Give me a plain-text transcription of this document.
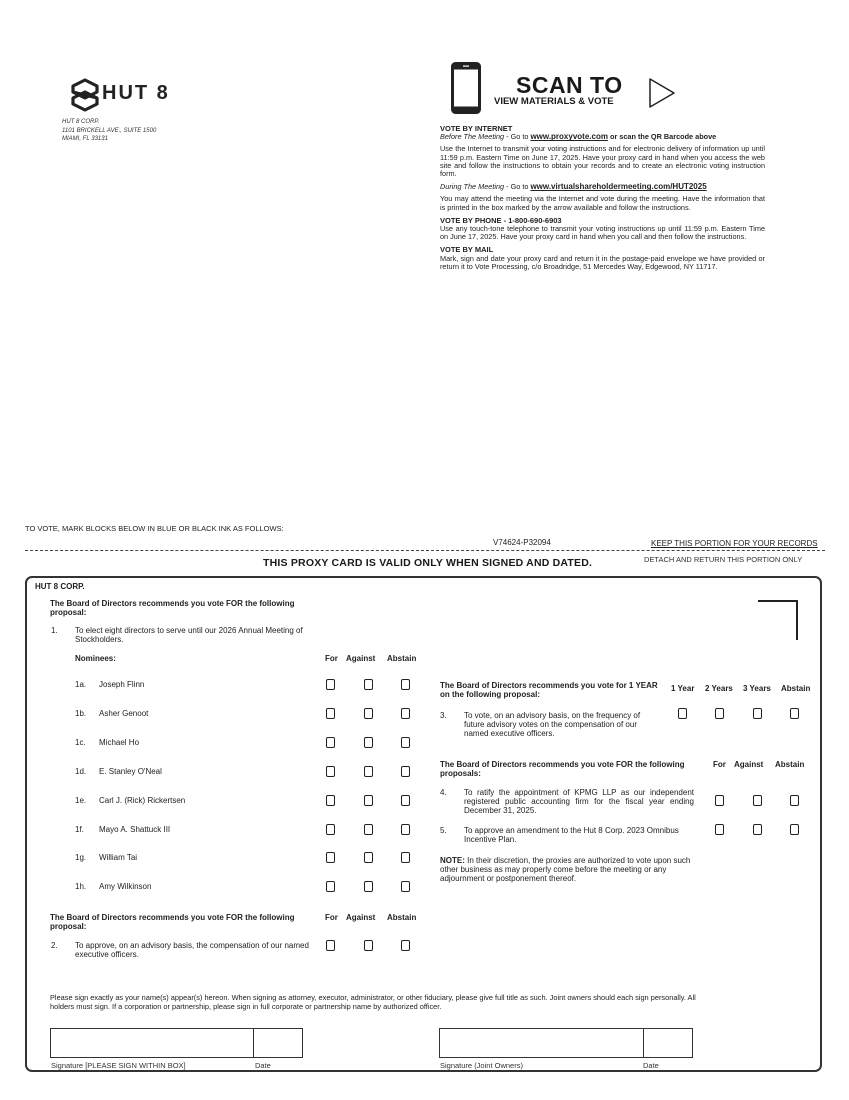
HUT 8
HUT 8 CORP.
1101 BRICKELL AVE., SUITE 1500
MIAMI, FL 33131
SCAN TO
VIEW MATERIALS & VOTE

VOTE BY INTERNET

Before The Meeting - Go to www.proxyvote.com or scan the QR Barcode above

Use the Internet to transmit your voting instructions and for electronic delivery of information up until 11:59 p.m. Eastern Time on June 17, 2025. Have your proxy card in hand when you access the web site and follow the instructions to obtain your records and to create an electronic voting instruction form.

During The Meeting - Go to www.virtualshareholdermeeting.com/HUT2025

You may attend the meeting via the Internet and vote during the meeting. Have the information that is printed in the box marked by the arrow available and follow the instructions.

VOTE BY PHONE - 1-800-690-6903

Use any touch-tone telephone to transmit your voting instructions up until 11:59 p.m. Eastern Time on June 17, 2025. Have your proxy card in hand when you call and then follow the instructions.

VOTE BY MAIL

Mark, sign and date your proxy card and return it in the postage-paid envelope we have provided or return it to Vote Processing, c/o Broadridge, 51 Mercedes Way, Edgewood, NY 11717.

TO VOTE, MARK BLOCKS BELOW IN BLUE OR BLACK INK AS FOLLOWS:
V74624-P32094	KEEP THIS PORTION FOR YOUR RECORDS
THIS PROXY CARD IS VALID ONLY WHEN SIGNED AND DATED.	DETACH AND RETURN THIS PORTION ONLY
HUT 8 CORP.
The Board of Directors recommends you vote FOR the following proposal:
1. To elect eight directors to serve until our 2026 Annual Meeting of Stockholders.
Nominees:	For Against Abstain
1a. Joseph Flinn
1b. Asher Genoot
1c. Michael Ho
1d. E. Stanley O'Neal
1e. Carl J. (Rick) Rickertsen
1f. Mayo A. Shattuck III
1g. William Tai
1h. Amy Wilkinson
The Board of Directors recommends you vote FOR the following proposal:
For Against Abstain
2. To approve, on an advisory basis, the compensation of our named executive officers.
The Board of Directors recommends you vote for 1 YEAR on the following proposal:
1 Year 2 Years 3 Years Abstain
3. To vote, on an advisory basis, on the frequency of future advisory votes on the compensation of our named executive officers.
The Board of Directors recommends you vote FOR the following proposals:
For Against Abstain
4. To ratify the appointment of KPMG LLP as our independent registered public accounting firm for the fiscal year ending December 31, 2025.
5. To approve an amendment to the Hut 8 Corp. 2023 Omnibus Incentive Plan.
NOTE: In their discretion, the proxies are authorized to vote upon such other business as may properly come before the meeting or any adjournment or postponement thereof.
Please sign exactly as your name(s) appear(s) hereon. When signing as attorney, executor, administrator, or other fiduciary, please give full title as such. Joint owners should each sign personally. All holders must sign. If a corporation or partnership, please sign in full corporate or partnership name by authorized officer.
Signature [PLEASE SIGN WITHIN BOX]	Date	Signature (Joint Owners)	Date
